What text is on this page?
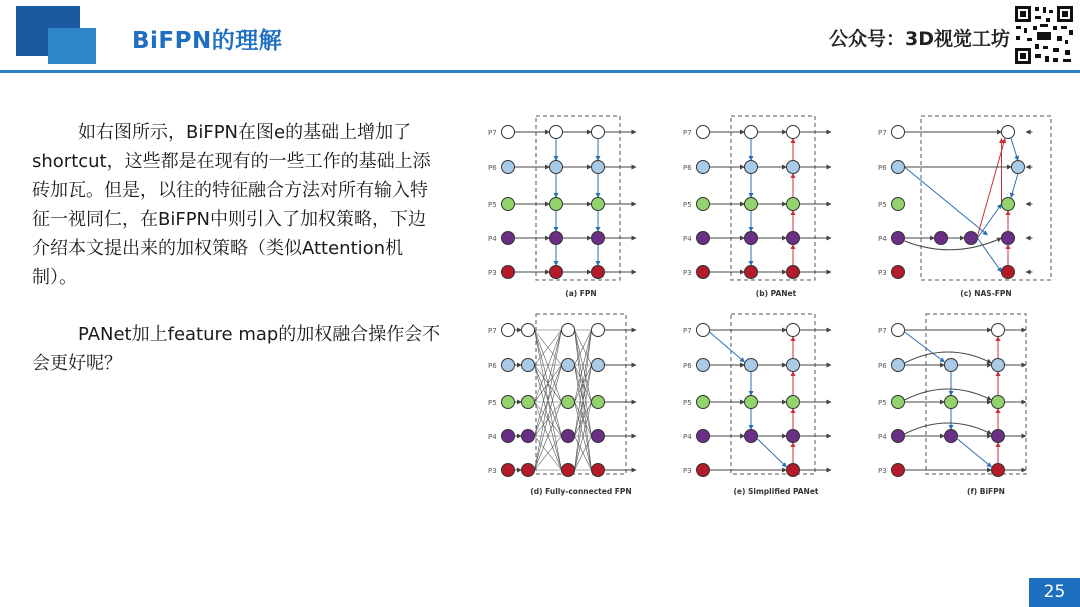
BiFPN的理解	公众号：3D视觉工坊

如右图所示，BiFPN在图e的基础上增加了shortcut，这些都是在现有的一些工作的基础上添砖加瓦。但是，以往的特征融合方法对所有输入特征一视同仁，在BiFPN中则引入了加权策略，下边介绍本文提出来的加权策略（类似Attention机制）。

PANet加上feature map的加权融合操作会不会更好呢？

P7
P6
P5
P4
P3
(a) FPN
P7
P6
P5
P4
P3
(b) PANet
P7
P6
P5
P4
P3
(c) NAS-FPN
P7
P6
P5
P4
P3
(d) Fully-connected FPN
P7
P6
P5
P4
P3
(e) Simplified PANet
P7
P6
P5
P4
P3
(f) BiFPN
25
